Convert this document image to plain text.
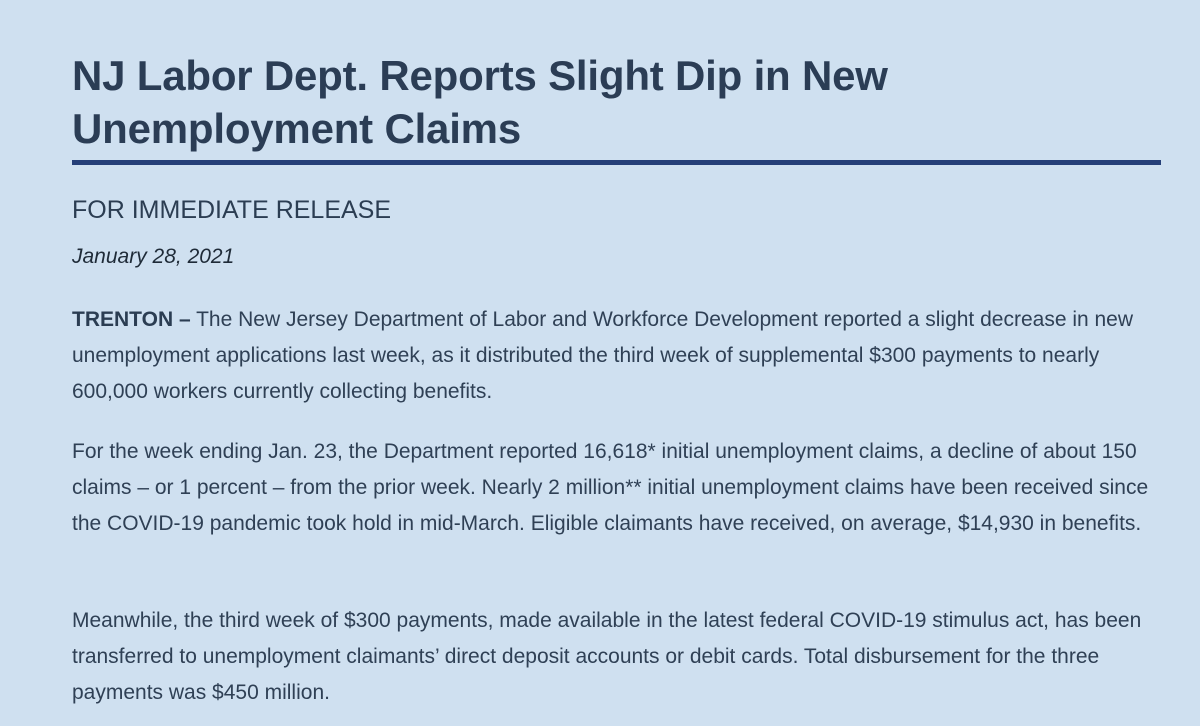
NJ Labor Dept. Reports Slight Dip in New Unemployment Claims
FOR IMMEDIATE RELEASE

January 28, 2021

TRENTON – The New Jersey Department of Labor and Workforce Development reported a slight decrease in new unemployment applications last week, as it distributed the third week of supplemental $300 payments to nearly 600,000 workers currently collecting benefits.

For the week ending Jan. 23, the Department reported 16,618* initial unemployment claims, a decline of about 150 claims – or 1 percent – from the prior week. Nearly 2 million** initial unemployment claims have been received since the COVID-19 pandemic took hold in mid-March. Eligible claimants have received, on average, $14,930 in benefits.

Meanwhile, the third week of $300 payments, made available in the latest federal COVID-19 stimulus act, has been transferred to unemployment claimants’ direct deposit accounts or debit cards. Total disbursement for the three payments was $450 million.
